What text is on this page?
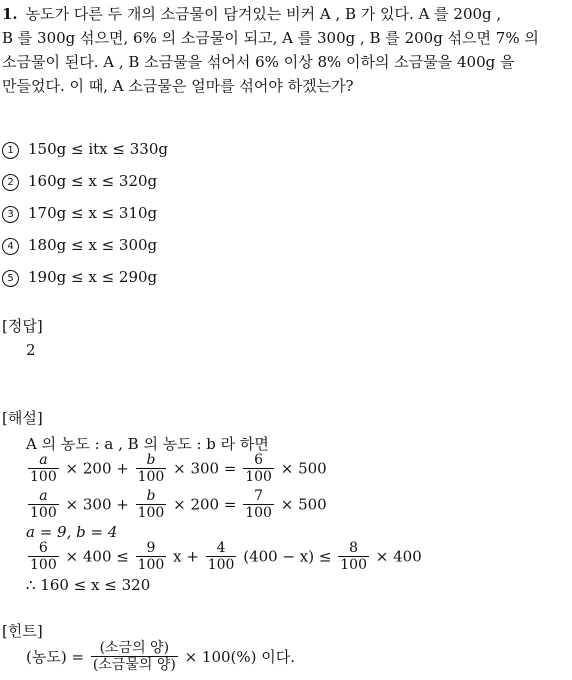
1. 농도가 다른 두 개의 소금물이 담겨있는 비커 A , B 가 있다. A 를 200g ,
B 를 300g 섞으면, 6% 의 소금물이 되고, A 를 300g , B 를 200g 섞으면 7% 의
소금물이 된다. A , B 소금물을 섞어서 6% 이상 8% 이하의 소금물을 400g 을
만들었다. 이 때, A 소금물은 얼마를 섞어야 하겠는가?
1 150g ≤ itx ≤ 330g
2 160g ≤ x ≤ 320g
3 170g ≤ x ≤ 310g
4 180g ≤ x ≤ 300g
5 190g ≤ x ≤ 290g
[정답]
2
[해설]
A 의 농도 : a , B 의 농도 : b 라 하면
$\frac{a}{100} \times 200 + \frac{b}{100} \times 300 = \frac{6}{100} \times 500$
$\frac{a}{100} \times 300 + \frac{b}{100} \times 200 = \frac{7}{100} \times 500$
a = 9, b = 4
$\frac{6}{100} \times 400 \le \frac{9}{100}$ $x + \frac{4}{100} (400 - x) \le \frac{8}{100} \times 400$
∴ 160 ≤ x ≤ 320
[힌트]
(농도) = $\frac{\text{(소금의 양)}}{\text{(소금물의 양)}} \times 100(\%)$ 이다.
